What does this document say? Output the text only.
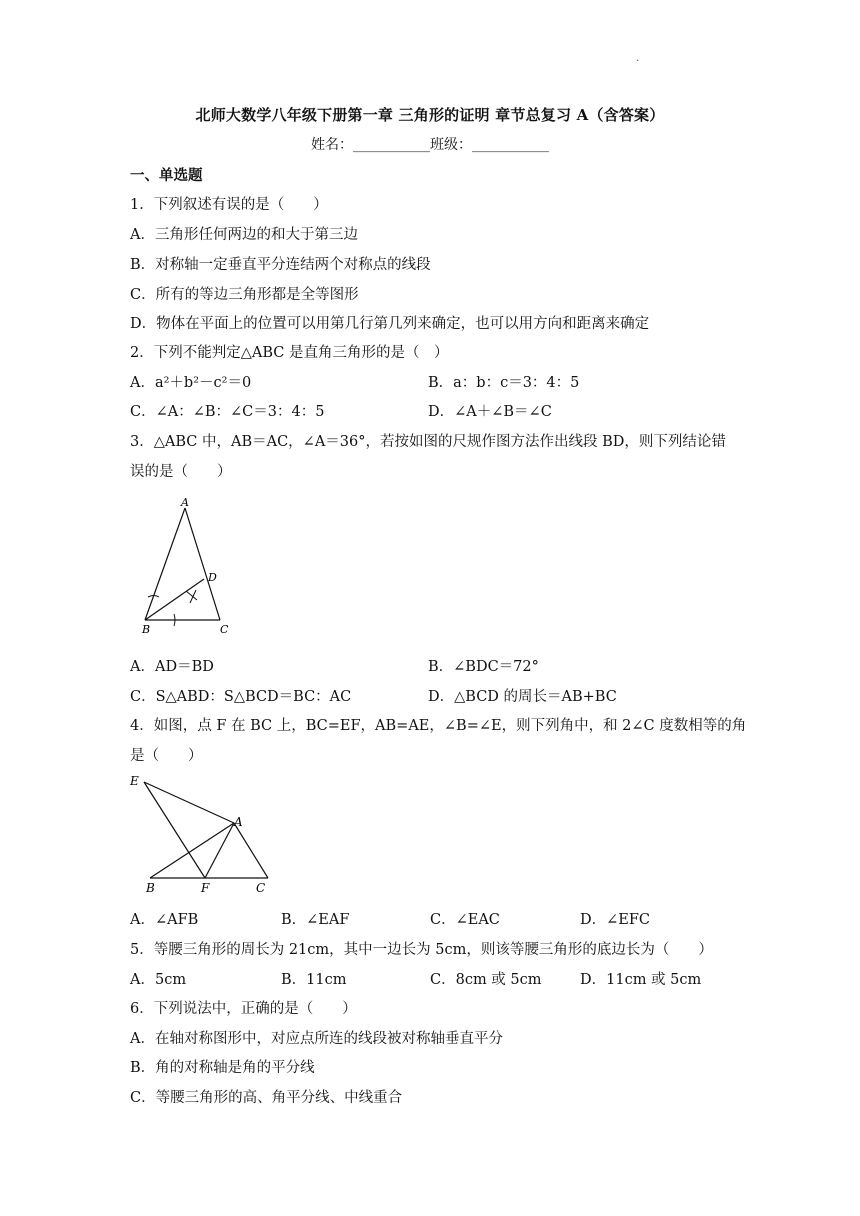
·
北师大数学八年级下册第一章 三角形的证明 章节总复习 A（含答案）
姓名：___________班级：___________
一、单选题
1．下列叙述有误的是（　　）
A．三角形任何两边的和大于第三边
B．对称轴一定垂直平分连结两个对称点的线段
C．所有的等边三角形都是全等图形
D．物体在平面上的位置可以用第几行第几列来确定，也可以用方向和距离来确定
2．下列不能判定△ABC 是直角三角形的是（　）
A．a²＋b²－c²＝0	B．a：b：c＝3：4：5
C．∠A：∠B：∠C＝3：4：5	D．∠A＋∠B＝∠C
3．△ABC 中，AB＝AC，∠A＝36°，若按如图的尺规作图方法作出线段 BD，则下列结论错
误的是（　　）
A
D
B	C
A．AD＝BD	B．∠BDC＝72°
C．S△ABD：S△BCD＝BC：AC	D．△BCD 的周长＝AB+BC
4．如图，点 F 在 BC 上，BC=EF，AB=AE，∠B=∠E，则下列角中，和 2∠C 度数相等的角
是（　　）
E
A
B	F	C
A．∠AFB	B．∠EAF	C．∠EAC	D．∠EFC
5．等腰三角形的周长为 21cm，其中一边长为 5cm，则该等腰三角形的底边长为（　　）
A．5cm	B．11cm	C．8cm 或 5cm	D．11cm 或 5cm
6．下列说法中，正确的是（　　）
A．在轴对称图形中，对应点所连的线段被对称轴垂直平分
B．角的对称轴是角的平分线
C．等腰三角形的高、角平分线、中线重合
